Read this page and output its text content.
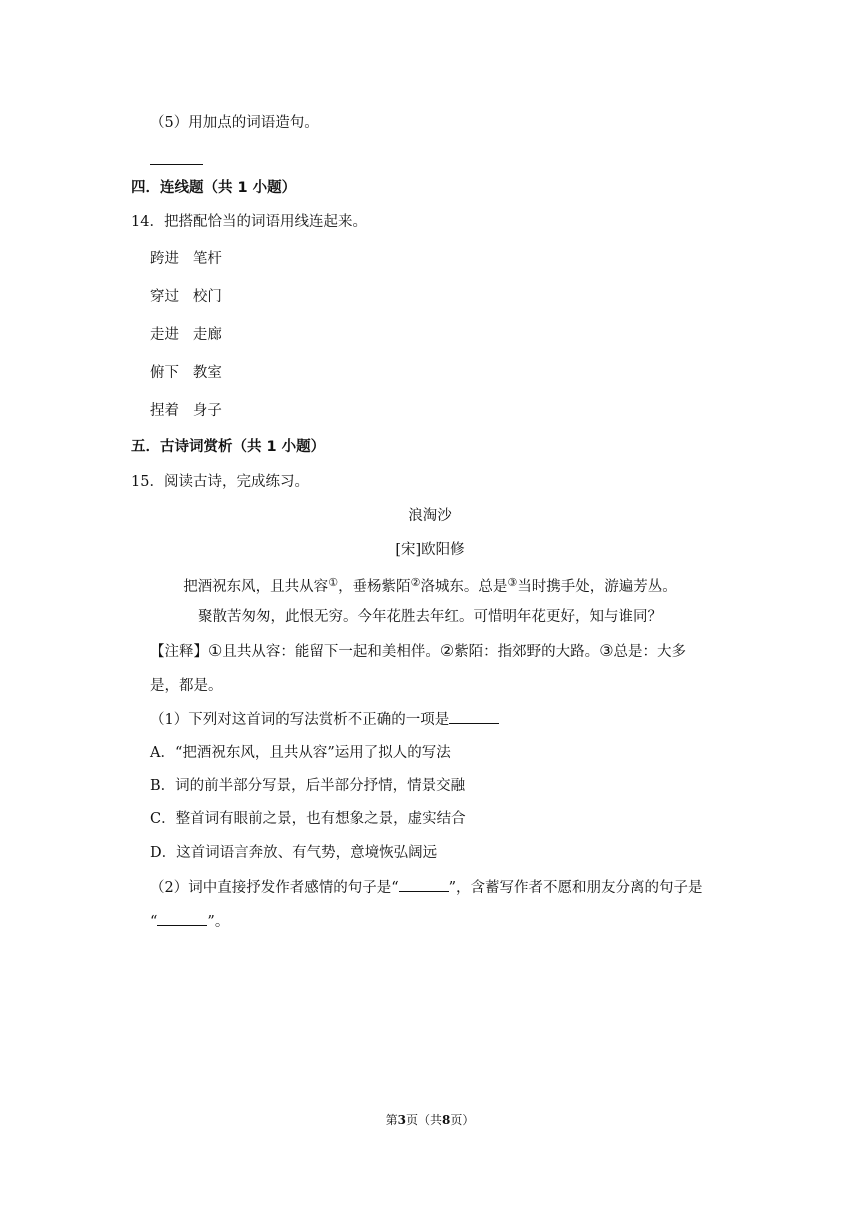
（5）用加点的词语造句。
四．连线题（共 1 小题）
14．把搭配恰当的词语用线连起来。
跨进 笔杆
穿过 校门
走进 走廊
俯下 教室
捏着 身子
五．古诗词赏析（共 1 小题）
15．阅读古诗，完成练习。
浪淘沙
[宋]欧阳修
把酒祝东风，且共从容①，垂杨紫陌②洛城东。总是③当时携手处，游遍芳丛。
聚散苦匆匆，此恨无穷。今年花胜去年红。可惜明年花更好，知与谁同？
【注释】①且共从容：能留下一起和美相伴。②紫陌：指郊野的大路。③总是：大多
是，都是。
（1）下列对这首词的写法赏析不正确的一项是
A．“把酒祝东风，且共从容”运用了拟人的写法
B．词的前半部分写景，后半部分抒情，情景交融
C．整首词有眼前之景，也有想象之景，虚实结合
D．这首词语言奔放、有气势，意境恢弘阔远
（2）词中直接抒发作者感情的句子是“	”，含蓄写作者不愿和朋友分离的句子是
“	”。
第3页（共8页）
